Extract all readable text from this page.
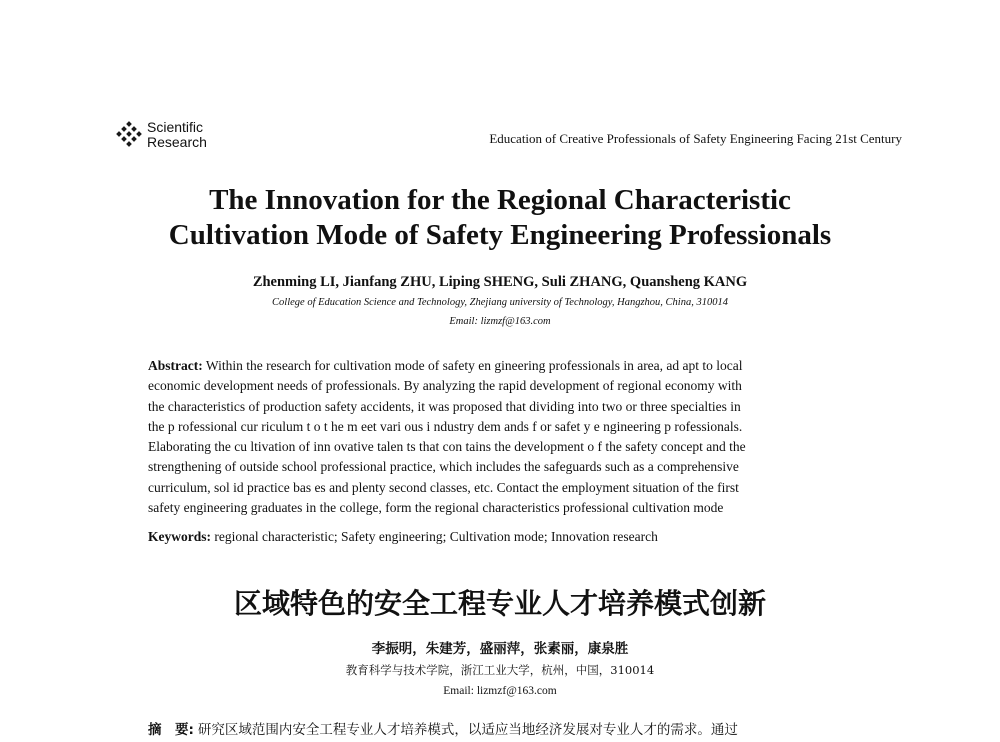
Scientific
Research	Education of Creative Professionals of Safety Engineering Facing 21st Century
The Innovation for the Regional Characteristic
Cultivation Mode of Safety Engineering Professionals
Zhenming LI, Jianfang ZHU, Liping SHENG, Suli ZHANG, Quansheng KANG
College of Education Science and Technology, Zhejiang university of Technology, Hangzhou, China, 310014
Email: lizmzf@163.com
Abstract: Within the research for cultivation mode of safety en gineering professionals in area, ad apt to local
economic development needs of professionals. By analyzing the rapid development of regional economy with
the characteristics of production safety accidents, it was proposed that dividing into two or three specialties in
the p rofessional cur riculum t o t he m eet vari ous i ndustry dem ands f or safet y e ngineering p rofessionals.
Elaborating the cu ltivation of inn ovative talen ts that con tains the development o f the safety concept and the
strengthening of outside school professional practice, which includes the safeguards such as a comprehensive
curriculum, sol id practice bas es and plenty second classes, etc. Contact the employment situation of the first
safety engineering graduates in the college, form the regional characteristics professional cultivation mode
Keywords: regional characteristic; Safety engineering; Cultivation mode; Innovation research
区域特色的安全工程专业人才培养模式创新
李振明，朱建芳，盛丽萍，张素丽，康泉胜
教育科学与技术学院，浙江工业大学，杭州，中国，310014
Email: lizmzf@163.com
摘　要: 研究区域范围内安全工程专业人才培养模式，以适应当地经济发展对专业人才的需求。通过
